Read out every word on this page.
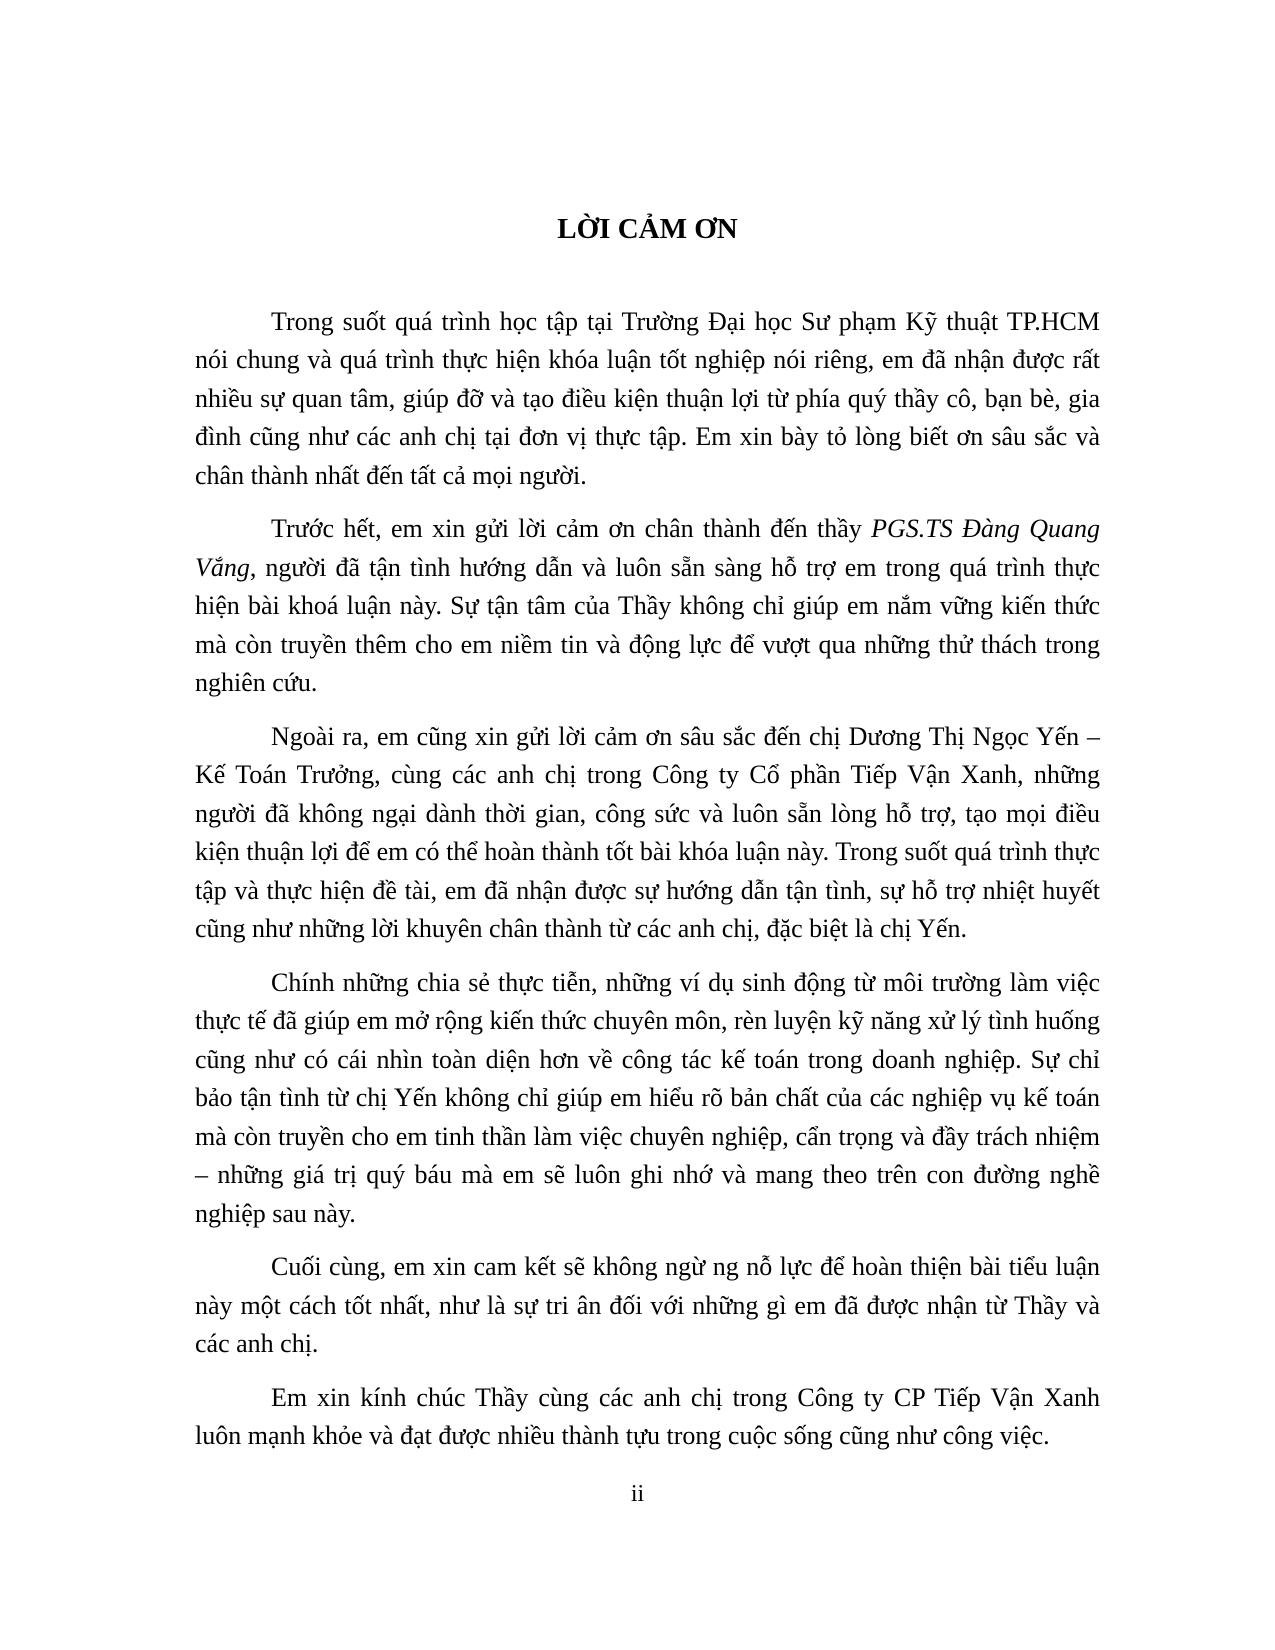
LỜI CẢM ƠN

Trong suốt quá trình học tập tại Trường Đại học Sư phạm Kỹ thuật TP.HCM nói chung và quá trình thực hiện khóa luận tốt nghiệp nói riêng, em đã nhận được rất nhiều sự quan tâm, giúp đỡ và tạo điều kiện thuận lợi từ phía quý thầy cô, bạn bè, gia đình cũng như các anh chị tại đơn vị thực tập. Em xin bày tỏ lòng biết ơn sâu sắc và chân thành nhất đến tất cả mọi người.

Trước hết, em xin gửi lời cảm ơn chân thành đến thầy PGS.TS Đàng Quang Vắng, người đã tận tình hướng dẫn và luôn sẵn sàng hỗ trợ em trong quá trình thực hiện bài khoá luận này. Sự tận tâm của Thầy không chỉ giúp em nắm vững kiến thức mà còn truyền thêm cho em niềm tin và động lực để vượt qua những thử thách trong nghiên cứu.

Ngoài ra, em cũng xin gửi lời cảm ơn sâu sắc đến chị Dương Thị Ngọc Yến – Kế Toán Trưởng, cùng các anh chị trong Công ty Cổ phần Tiếp Vận Xanh, những người đã không ngại dành thời gian, công sức và luôn sẵn lòng hỗ trợ, tạo mọi điều kiện thuận lợi để em có thể hoàn thành tốt bài khóa luận này. Trong suốt quá trình thực tập và thực hiện đề tài, em đã nhận được sự hướng dẫn tận tình, sự hỗ trợ nhiệt huyết cũng như những lời khuyên chân thành từ các anh chị, đặc biệt là chị Yến.

Chính những chia sẻ thực tiễn, những ví dụ sinh động từ môi trường làm việc thực tế đã giúp em mở rộng kiến thức chuyên môn, rèn luyện kỹ năng xử lý tình huống cũng như có cái nhìn toàn diện hơn về công tác kế toán trong doanh nghiệp. Sự chỉ bảo tận tình từ chị Yến không chỉ giúp em hiểu rõ bản chất của các nghiệp vụ kế toán mà còn truyền cho em tinh thần làm việc chuyên nghiệp, cẩn trọng và đầy trách nhiệm – những giá trị quý báu mà em sẽ luôn ghi nhớ và mang theo trên con đường nghề nghiệp sau này.

Cuối cùng, em xin cam kết sẽ không ngừ ng nỗ lực để hoàn thiện bài tiểu luận này một cách tốt nhất, như là sự tri ân đối với những gì em đã được nhận từ Thầy và các anh chị.

Em xin kính chúc Thầy cùng các anh chị trong Công ty CP Tiếp Vận Xanh luôn mạnh khỏe và đạt được nhiều thành tựu trong cuộc sống cũng như công việc.

ii
